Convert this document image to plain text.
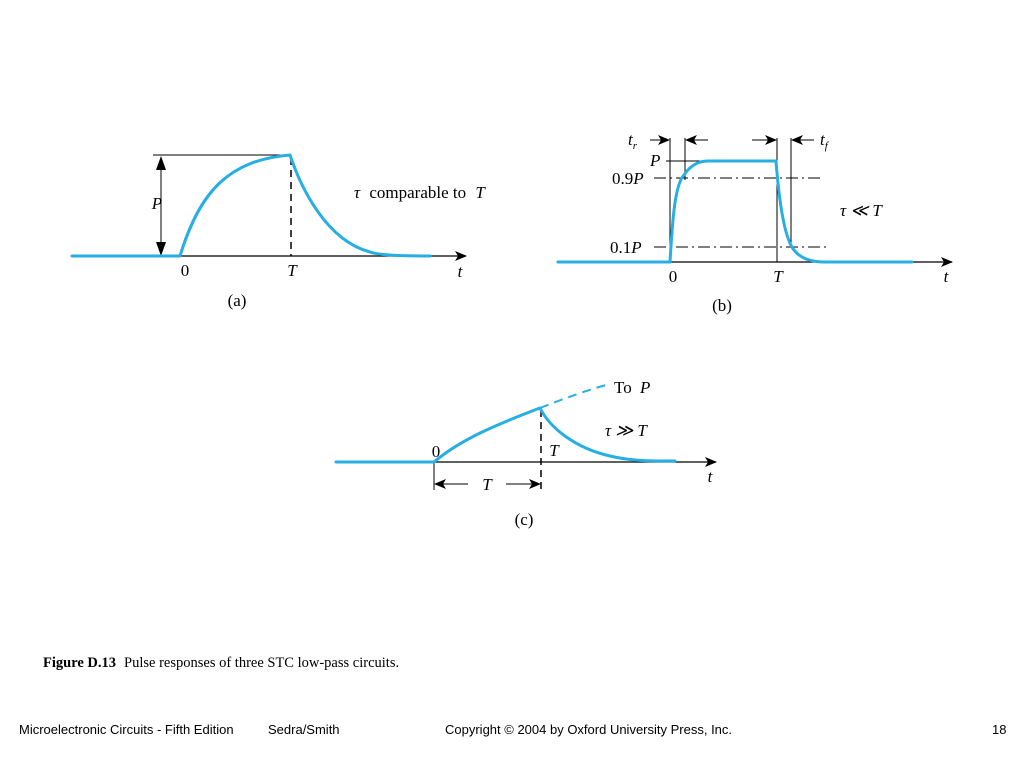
P
0	T	t
τ comparable to T
(a)
$t_r$	$t_f$
P
0.9P
0.1P
0	T	t
τ ≪ T
(b)
To P
0	T
T	t
τ ≫ T
(c)
Figure D.13 Pulse responses of three STC low-pass circuits.
Microelectronic Circuits - Fifth Edition	Sedra/Smith	Copyright © 2004 by Oxford University Press, Inc.	18
